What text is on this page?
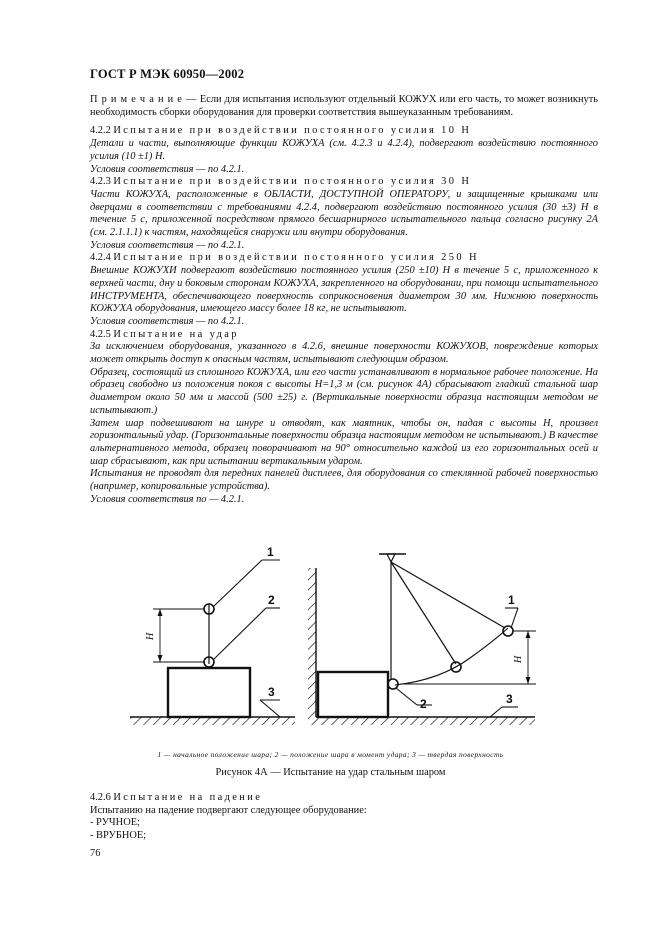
ГОСТ Р МЭК 60950—2002

П р и м е ч а н и е — Если для испытания используют отдельный КОЖУХ или его часть, то может возникнуть необходимость сборки оборудования для проверки соответствия вышеуказанным требованиям.

4.2.2 Испытание при воздействии постоянного усилия 10 Н

Детали и части, выполняющие функции КОЖУХА (см. 4.2.3 и 4.2.4), подвергают воздействию постоянного усилия (10 ±1) Н.

Условия соответствия — по 4.2.1.

4.2.3 Испытание при воздействии постоянного усилия 30 Н

Части КОЖУХА, расположенные в ОБЛАСТИ, ДОСТУПНОЙ ОПЕРАТОРУ, и защищенные крышками или дверцами в соответствии с требованиями 4.2.4, подвергают воздействию постоянного усилия (30 ±3) Н в течение 5 с, приложенной посредством прямого бесшарнирного испытательного пальца согласно рисунку 2А (см. 2.1.1.1) к частям, находящейся снаружи или внутри оборудования.

Условия соответствия — по 4.2.1.

4.2.4 Испытание при воздействии постоянного усилия 250 Н

Внешние КОЖУХИ подвергают воздействию постоянного усилия (250 ±10) Н в течение 5 с, приложенного к верхней части, дну и боковым сторонам КОЖУХА, закрепленного на оборудовании, при помощи испытательного ИНСТРУМЕНТА, обеспечивающего поверхность соприкосновения диаметром 30 мм. Нижнюю поверхность КОЖУХА оборудования, имеющего массу более 18 кг, не испытывают.

Условия соответствия — по 4.2.1.

4.2.5 Испытание на удар

За исключением оборудования, указанного в 4.2.6, внешние поверхности КОЖУХОВ, повреждение которых может открыть доступ к опасным частям, испытывают следующим образом.

Образец, состоящий из сплошного КОЖУХА, или его части устанавливают в нормальное рабочее положение. На образец свободно из положения покоя с высоты Н=1,3 м (см. рисунок 4А) сбрасывают гладкий стальной шар диаметром около 50 мм и массой (500 ±25) г. (Вертикальные поверхности образца настоящим методом не испытывают.)

Затем шар подвешивают на шнуре и отводят, как маятник, чтобы он, падая с высоты Н, произвел горизонтальный удар. (Горизонтальные поверхности образца настоящим методом не испытывают.) В качестве альтернативного метода, образец поворачивают на 90° относительно каждой из его горизонтальных осей и шар сбрасывают, как при испытании вертикальным ударом.

Испытания не проводят для передних панелей дисплеев, для оборудования со стеклянной рабочей поверхностью (например, копировальные устройства).

Условия соответствия по — 4.2.1.

1
2
3
1
2	3
H
H
1 — начальное положение шара; 2 — положение шара в момент удара; 3 — твердая поверхность
Рисунок 4А — Испытание на удар стальным шаром

4.2.6 Испытание на падение

Испытанию на падение подвергают следующее оборудование:

- РУЧНОЕ;

- ВРУБНОЕ;

76
